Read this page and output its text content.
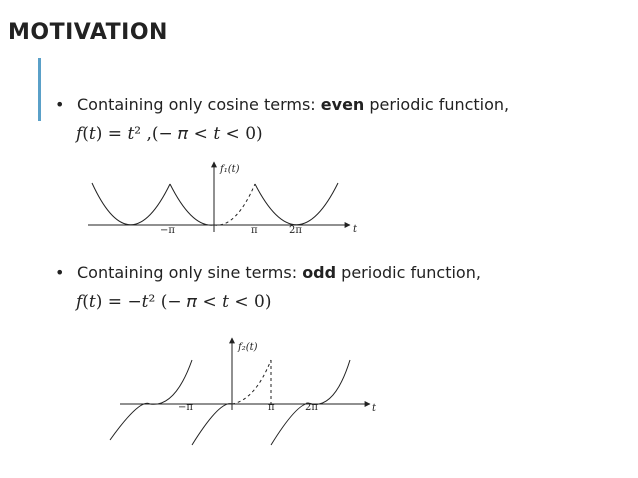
MOTIVATION
• Containing only cosine terms: even periodic function,
𝑓(𝑡) = 𝑡² ,(− 𝜋 < 𝑡 < 0)
• Containing only sine terms: odd periodic function,
𝑓(𝑡) = −𝑡² (− 𝜋 < 𝑡 < 0)
f₁(t)
t
−π	π	2π
f₂(t)
t
−π	π	2π
